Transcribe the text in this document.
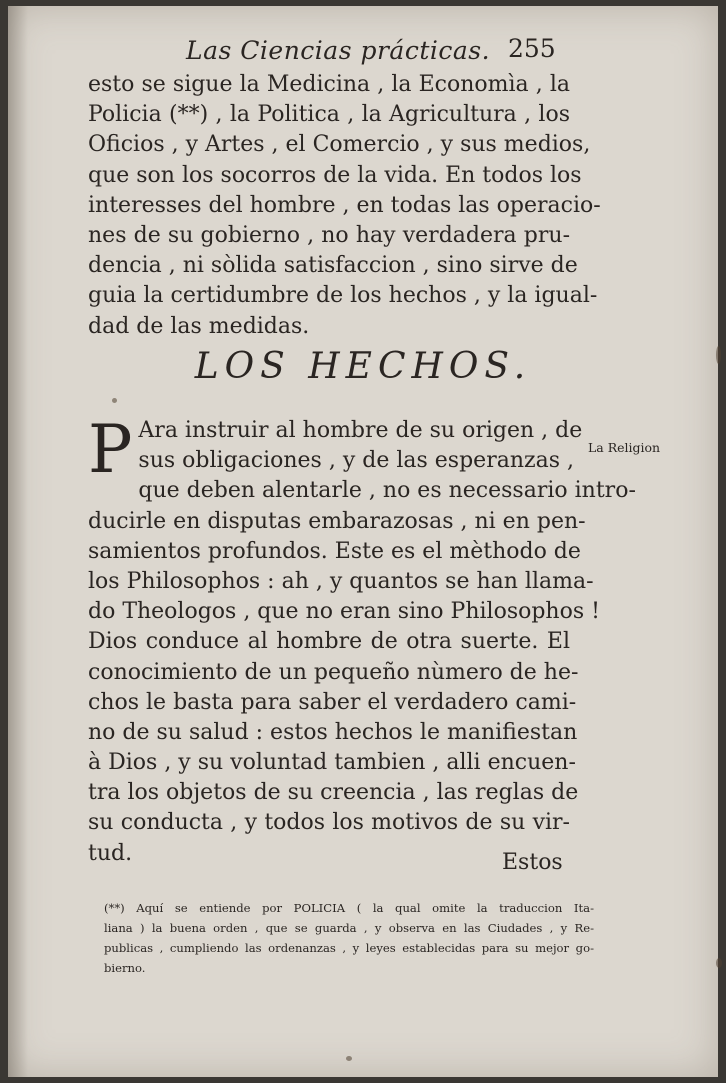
Las Ciencias prácticas. 255
esto se sigue la Medicina , la Economìa , la
Policia (**) , la Politica , la Agricultura , los
Oficios , y Artes , el Comercio , y sus medios,
que son los socorros de la vida. En todos los
interesses del hombre , en todas las operacio-
nes de su gobierno , no hay verdadera pru-
dencia , ni sòlida satisfaccion , sino sirve de
guia la certidumbre de los hechos , y la igual-
dad de las medidas.
LOS HECHOS.
La Religion
P Ara instruir al hombre de su origen , de
sus obligaciones , y de las esperanzas ,
que deben alentarle , no es necessario intro-
ducirle en disputas embarazosas , ni en pen-
samientos profundos. Este es el mèthodo de
los Philosophos : ah , y quantos se han llama-
do Theologos , que no eran sino Philosophos !
Dios conduce al hombre de otra suerte. El
conocimiento de un pequeño nùmero de he-
chos le basta para saber el verdadero cami-
no de su salud : estos hechos le manifiestan
à Dios , y su voluntad tambien , alli encuen-
tra los objetos de su creencia , las reglas de
su conducta , y todos los motivos de su vir-
tud.	Estos
(**) Aquí se entiende por POLICIA ( la qual omite la traduccion Ita-
liana ) la buena orden , que se guarda , y observa en las Ciudades , y Re-
publicas , cumpliendo las ordenanzas , y leyes establecidas para su mejor go-
bierno.
